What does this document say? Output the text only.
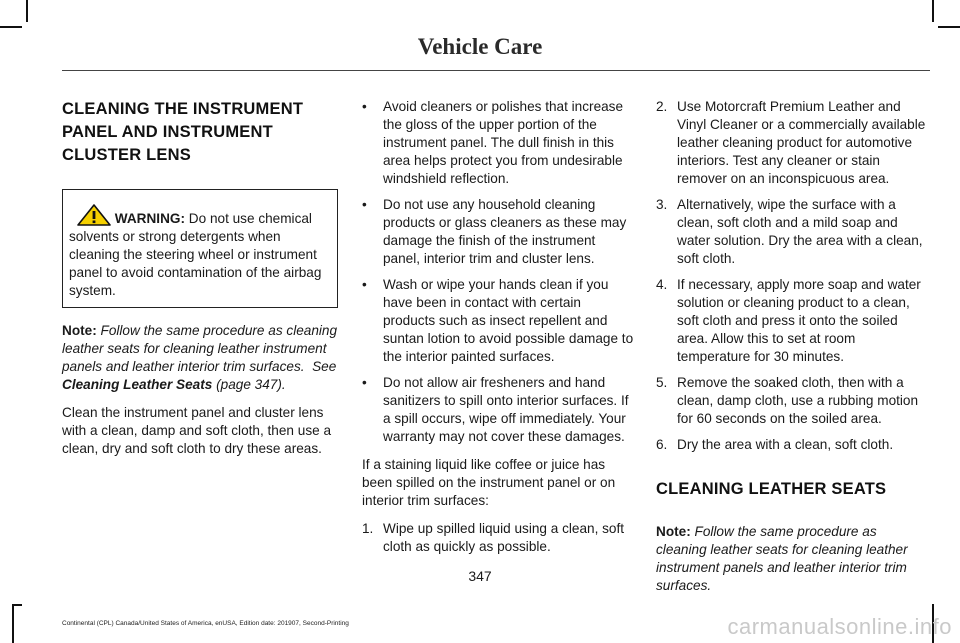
Vehicle Care
CLEANING THE INSTRUMENT
PANEL AND INSTRUMENT
CLUSTER LENS
WARNING: Do not use chemical solvents or strong detergents when cleaning the steering wheel or instrument panel to avoid contamination of the airbag system.

Note: Follow the same procedure as cleaning leather seats for cleaning leather instrument panels and leather interior trim surfaces. See Cleaning Leather Seats (page 347).

Clean the instrument panel and cluster lens with a clean, damp and soft cloth, then use a clean, dry and soft cloth to dry these areas.

• Avoid cleaners or polishes that increase the gloss of the upper portion of the instrument panel. The dull finish in this area helps protect you from undesirable windshield reflection.
• Do not use any household cleaning products or glass cleaners as these may damage the finish of the instrument panel, interior trim and cluster lens.
• Wash or wipe your hands clean if you have been in contact with certain products such as insect repellent and suntan lotion to avoid possible damage to the interior painted surfaces.
• Do not allow air fresheners and hand sanitizers to spill onto interior surfaces. If a spill occurs, wipe off immediately. Your warranty may not cover these damages.

If a staining liquid like coffee or juice has been spilled on the instrument panel or on interior trim surfaces:

1. Wipe up spilled liquid using a clean, soft cloth as quickly as possible.
2. Use Motorcraft Premium Leather and Vinyl Cleaner or a commercially available leather cleaning product for automotive interiors. Test any cleaner or stain remover on an inconspicuous area.
3. Alternatively, wipe the surface with a clean, soft cloth and a mild soap and water solution. Dry the area with a clean, soft cloth.
4. If necessary, apply more soap and water solution or cleaning product to a clean, soft cloth and press it onto the soiled area. Allow this to set at room temperature for 30 minutes.
5. Remove the soaked cloth, then with a clean, damp cloth, use a rubbing motion for 60 seconds on the soiled area.
6. Dry the area with a clean, soft cloth.
CLEANING LEATHER SEATS

Note: Follow the same procedure as cleaning leather seats for cleaning leather instrument panels and leather interior trim surfaces.

347
Continental (CPL) Canada/United States of America, enUSA, Edition date: 201907, Second-Printing	carmanualsonline.info
